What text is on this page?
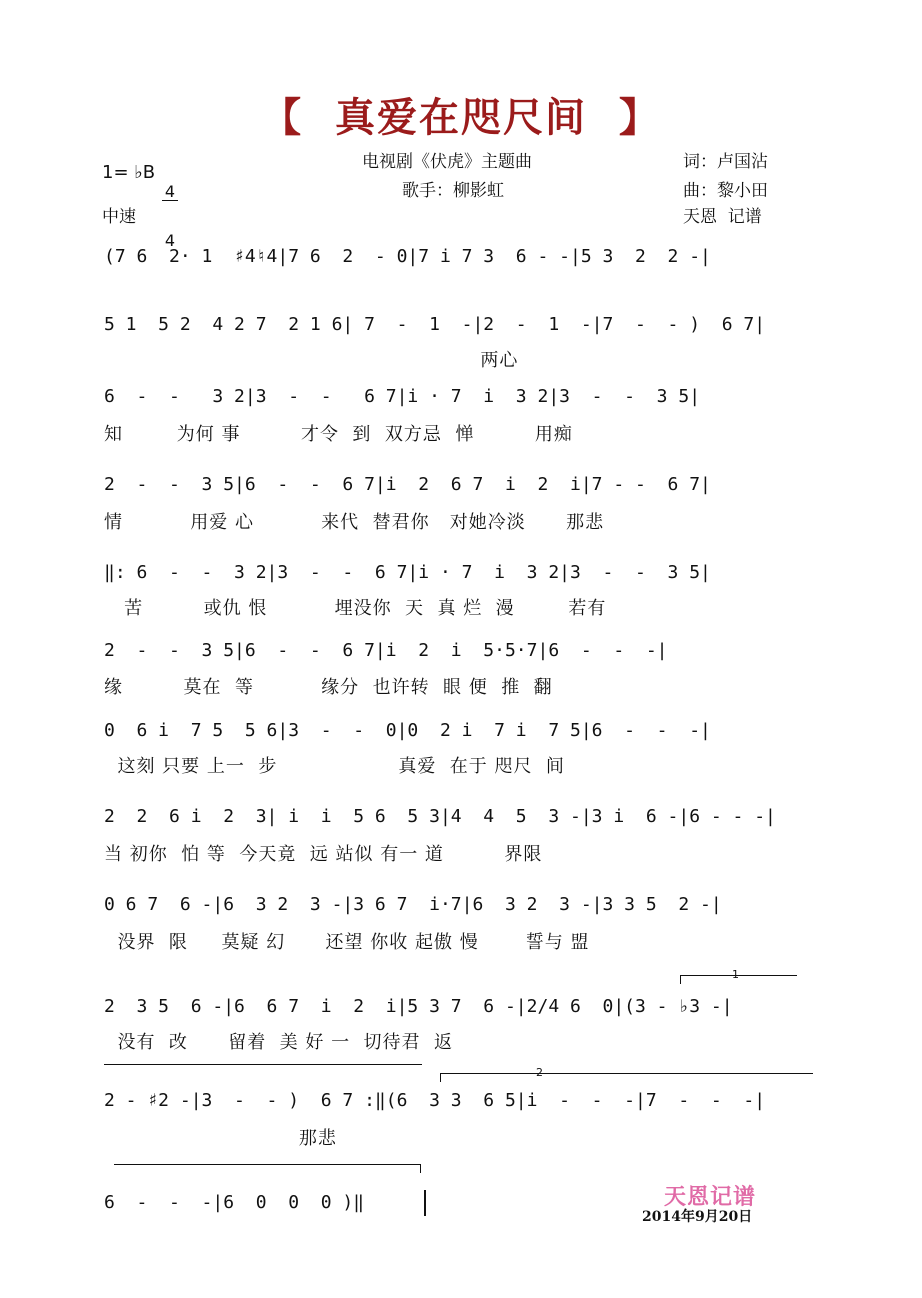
【  真爱在咫尺间  】
电视剧《伏虎》主题曲
歌手：柳影虹
词：卢国沾
曲：黎小田
天恩  记谱
1= ♭B

4

4

中速
(7 6  2· 1  ♯4♮4|7 6  2  - 0|7 i 7 3  6 - -|5 3  2  2 -|
5 1  5 2  4 2 7  2 1 6| 7  -  1  -|2  -  1  -|7  -  - )  6 7|
两心
6  -  -   3 2|3  -  -   6 7|i · 7  i  3 2|3  -  -  3 5|
知        为何 事         才令  到  双方忌  惮         用痴
2  -  -  3 5|6  -  -  6 7|i  2  6 7  i  2  i|7 - -  6 7|
情          用爱 心          来代  替君你   对她冷淡      那悲
‖: 6  -  -  3 2|3  -  -  6 7|i · 7  i  3 2|3  -  -  3 5|
苦         或仇 恨          埋没你  天  真 烂  漫        若有
2  -  -  3 5|6  -  -  6 7|i  2  i  5·5·7|6  -  -  -|
缘         莫在  等          缘分  也许转  眼 便  推  翻
0  6 i  7 5  5 6|3  -  -  0|0  2 i  7 i  7 5|6  -  -  -|
这刻 只要 上一  步                  真爱  在于 咫尺  间
2  2  6 i  2  3| i  i  5 6  5 3|4  4  5  3 -|3 i  6 -|6 - - -|
当 初你  怕 等  今天竟  远 站似 有一 道         界限
0 6 7  6 -|6  3 2  3 -|3 6 7  i·7|6  3 2  3 -|3 3 5  2 -|
没界  限     莫疑 幻      还望 你收 起傲 慢       誓与 盟
1
2  3 5  6 -|6  6 7  i  2  i|5 3 7  6 -|2/4 6  0|(3 - ♭3 -|
没有  改      留着  美 好 一  切待君  返
2
2 - ♯2 -|3  -  - )  6 7 :‖(6  3 3  6 5|i  -  -  -|7  -  -  -|
那悲
6  -  -  -|6  0  0  0 )‖	天恩记谱
2014年9月20日
